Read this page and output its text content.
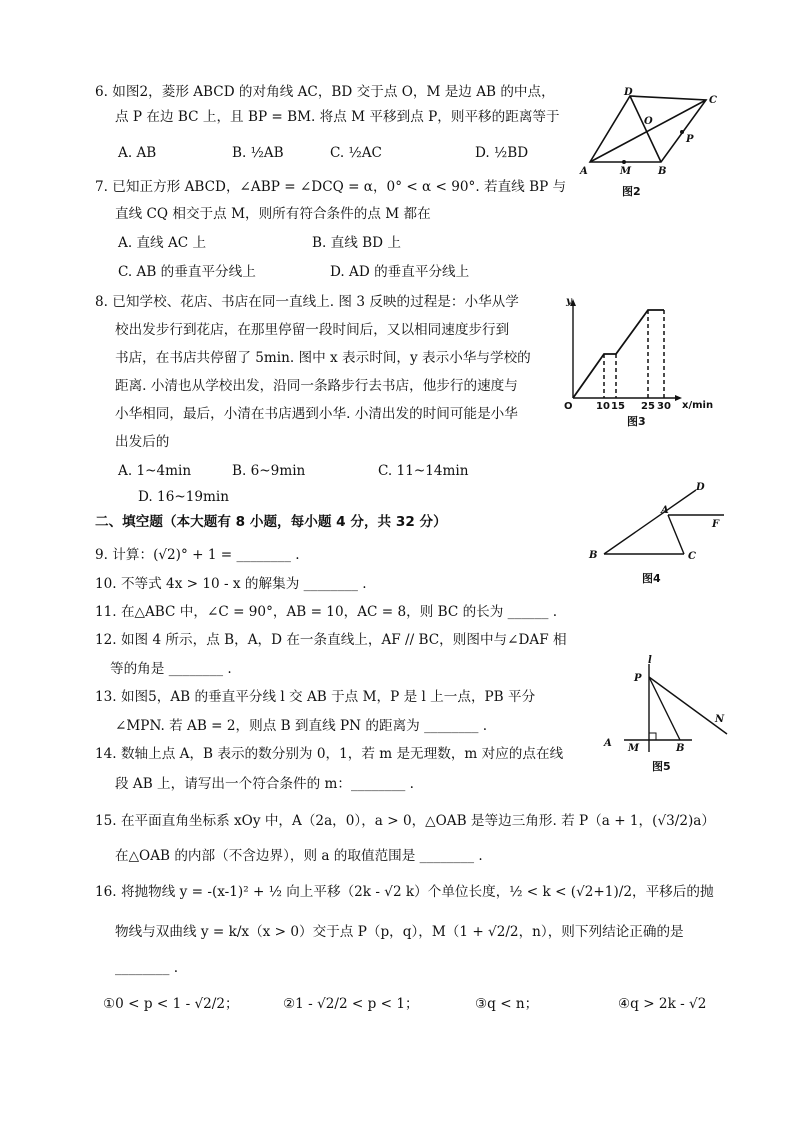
6. 如图2，菱形 ABCD 的对角线 AC，BD 交于点 O，M 是边 AB 的中点，
点 P 在边 BC 上，且 BP = BM. 将点 M 平移到点 P，则平移的距离等于
A. AB	B. ½AB	C. ½AC	D. ½BD
7. 已知正方形 ABCD，∠ABP = ∠DCQ = α，0° < α < 90°. 若直线 BP 与
直线 CQ 相交于点 M，则所有符合条件的点 M 都在
A. 直线 AC 上	B. 直线 BD 上
C. AB 的垂直平分线上	D. AD 的垂直平分线上
8. 已知学校、花店、书店在同一直线上. 图 3 反映的过程是：小华从学
校出发步行到花店，在那里停留一段时间后，又以相同速度步行到
书店，在书店共停留了 5min. 图中 x 表示时间，y 表示小华与学校的
距离. 小清也从学校出发，沿同一条路步行去书店，他步行的速度与
小华相同，最后，小清在书店遇到小华. 小清出发的时间可能是小华
出发后的
A. 1~4min	B. 6~9min	C. 11~14min
D. 16~19min
二、填空题（本大题有 8 小题，每小题 4 分，共 32 分）
9. 计算：(√2)° + 1 = ________ .
10. 不等式 4x > 10 - x 的解集为 ________ .
11. 在△ABC 中，∠C = 90°，AB = 10，AC = 8，则 BC 的长为 ______ .
12. 如图 4 所示，点 B，A，D 在一条直线上，AF // BC，则图中与∠DAF 相
等的角是 ________ .
13. 如图5，AB 的垂直平分线 l 交 AB 于点 M，P 是 l 上一点，PB 平分
∠MPN. 若 AB = 2，则点 B 到直线 PN 的距离为 ________ .
14. 数轴上点 A，B 表示的数分别为 0，1，若 m 是无理数，m 对应的点在线
段 AB 上，请写出一个符合条件的 m：________ .
15. 在平面直角坐标系 xOy 中，A（2a，0），a > 0，△OAB 是等边三角形. 若 P（a + 1，(√3/2)a）
在△OAB 的内部（不含边界），则 a 的取值范围是 ________ .
16. 将抛物线 y = -(x-1)² + ½ 向上平移（2k - √2 k）个单位长度，½ < k < (√2+1)/2，平移后的抛
物线与双曲线 y = k/x（x > 0）交于点 P（p，q），M（1 + √2/2，n），则下列结论正确的是
________ .
①0 < p < 1 - √2/2；	②1 - √2/2 < p < 1；	③q < n；	④q > 2k - √2
D
C
O
P
A	M	B
图2
y
x/min
O 10 15 25 30
图3
D
A
F
B	C
图4
l
P
N
A M	B
图5
